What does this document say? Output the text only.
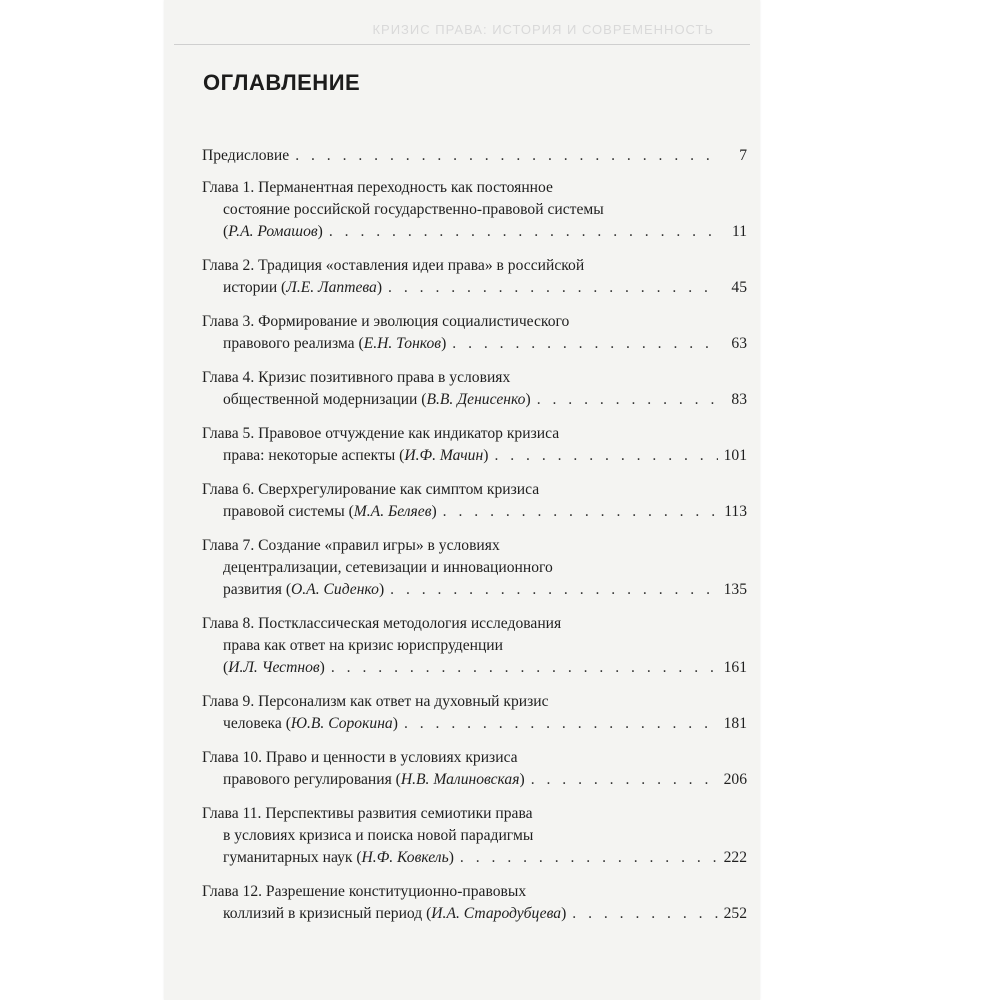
КРИЗИС ПРАВА: ИСТОРИЯ И СОВРЕМЕННОСТЬ
ОГЛАВЛЕНИЕ
Предисловие . . .	7
Глава 1. Перманентная переходность как постоянное
состояние российской государственно-правовой системы
(Р.А. Ромашов) . . .	11
Глава 2. Традиция «оставления идеи права» в российской
истории (Л.Е. Лаптева) . . .	45
Глава 3. Формирование и эволюция социалистического
правового реализма (Е.Н. Тонков) . . .	63
Глава 4. Кризис позитивного права в условиях
общественной модернизации (В.В. Денисенко) . . .	83
Глава 5. Правовое отчуждение как индикатор кризиса
права: некоторые аспекты (И.Ф. Мачин) . . .	101
Глава 6. Сверхрегулирование как симптом кризиса
правовой системы (М.А. Беляев) . . .	113
Глава 7. Создание «правил игры» в условиях
децентрализации, сетевизации и инновационного
развития (О.А. Сиденко) . . .	135
Глава 8. Постклассическая методология исследования
права как ответ на кризис юриспруденции
(И.Л. Честнов) . . .	161
Глава 9. Персонализм как ответ на духовный кризис
человека (Ю.В. Сорокина) . . .	181
Глава 10. Право и ценности в условиях кризиса
правового регулирования (Н.В. Малиновская) . . .	206
Глава 11. Перспективы развития семиотики права
в условиях кризиса и поиска новой парадигмы
гуманитарных наук (Н.Ф. Ковкель) . . .	222
Глава 12. Разрешение конституционно-правовых
коллизий в кризисный период (И.А. Стародубцева) . . .	252
